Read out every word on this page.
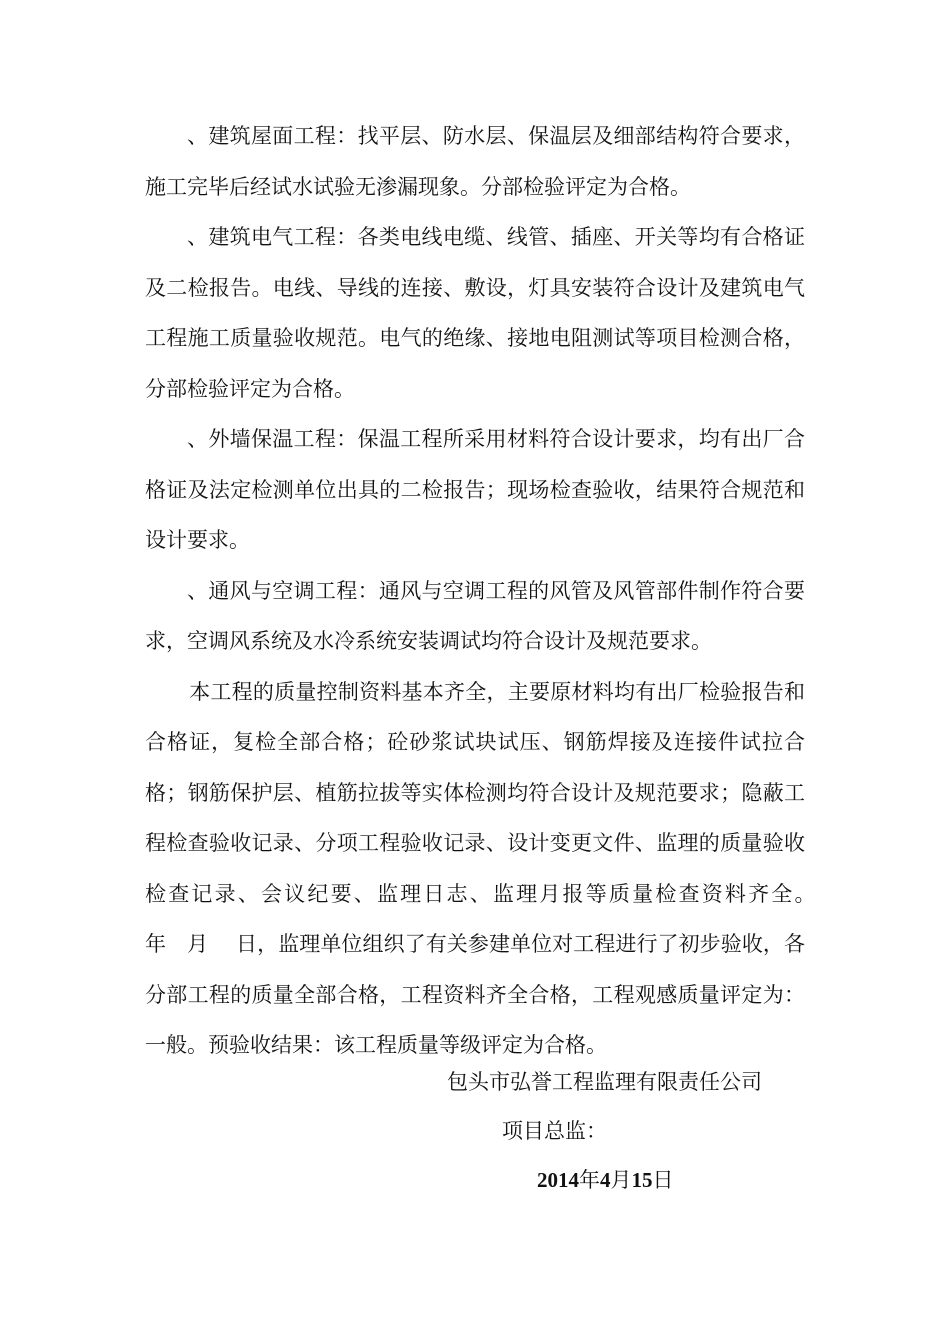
、建筑屋面工程：找平层、防水层、保温层及细部结构符合要求，施工完毕后经试水试验无渗漏现象。分部检验评定为合格。

、建筑电气工程：各类电线电缆、线管、插座、开关等均有合格证及二检报告。电线、导线的连接、敷设，灯具安装符合设计及建筑电气工程施工质量验收规范。电气的绝缘、接地电阻测试等项目检测合格，分部检验评定为合格。

、外墙保温工程：保温工程所采用材料符合设计要求，均有出厂合格证及法定检测单位出具的二检报告；现场检查验收，结果符合规范和设计要求。

、通风与空调工程：通风与空调工程的风管及风管部件制作符合要求，空调风系统及水冷系统安装调试均符合设计及规范要求。

本工程的质量控制资料基本齐全，主要原材料均有出厂检验报告和合格证，复检全部合格；砼砂浆试块试压、钢筋焊接及连接件试拉合格；钢筋保护层、植筋拉拔等实体检测均符合设计及规范要求；隐蔽工程检查验收记录、分项工程验收记录、设计变更文件、监理的质量验收检查记录、会议纪要、监理日志、监理月报等质量检查资料齐全。　　　年　月　 日，监理单位组织了有关参建单位对工程进行了初步验收，各分部工程的质量全部合格，工程资料齐全合格，工程观感质量评定为：一般。预验收结果：该工程质量等级评定为合格。

包头市弘誉工程监理有限责任公司
项目总监：
2014年4月15日
